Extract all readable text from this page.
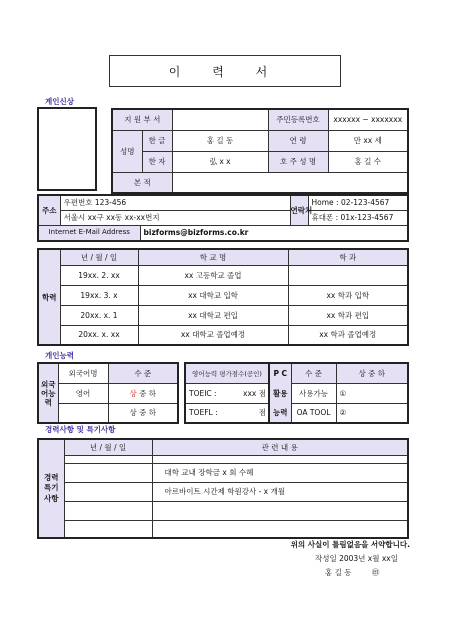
이 력 서
계인신상
지 원 부 서			주민등록번호	xxxxxx − xxxxxxx
성명	한 글	홍 길 동	연 령	만 xx 세
	한 자	弘 x x	호 주 성 명	홍 길 수
본 적				
주소	우편번호 123-456		연락처	Home : 02-123-4567
	서울시 xx구 xx동 xx-xx번지			휴대폰 : 01x-123-4567
Internet E-Mail Address		bizforms@bizforms.co.kr		
학력	년 / 월 / 일	학 교 명	학 과
	19xx. 2. xx	xx 고등학교 졸업	
	19xx. 3. x	xx 대학교 입학	xx 학과 입학
	20xx. x. 1	xx 대학교 편입	xx 학과 편입
	20xx. x. xx	xx 대학교 졸업예정	xx 학과 졸업예정
개인능력
외국어능력	외국어명	수 준
	영어	상 중 하
		상 중 하
영어능력 평가점수(공인)	
TOEIC :	xxx 점
TOEFL :	점
P C	수 준	상 중 하
활용	사용가능	①
능력	OA TOOL	②
경력사항 및 특기사항
경력특기사항	년 / 월 / 일	관 련 내 용

		대학 교내 장학금 x 회 수혜
		아르바이트 시간제 학원강사 - x 개월

위의 사실이 틀림없음을 서약합니다.
작성일 2003년 x월 xx일
홍 길 동	㊞
